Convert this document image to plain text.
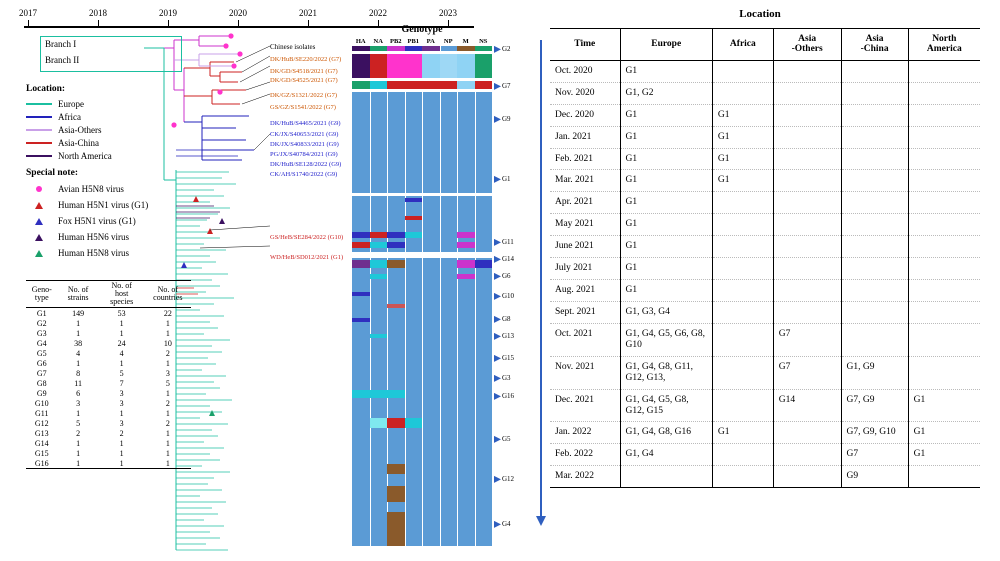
2017	2018	2019	2020	2021	2022	2023
Branch I
Branch II
Location:
Europe
Africa
Asia-Others
Asia-China
North America
Special note:
Avian H5N8 virus
Human H5N1 virus (G1)
Fox H5N1 virus (G1)
Human H5N6 virus
Human H5N8 virus
Geno-
type	No. of
strains	No. of
host
species	No. of
countries
G1	149	53	22
G2	1	1	1
G3	1	1	1
G4	38	24	10
G5	4	4	2
G6	1	1	1
G7	8	5	3
G8	11	7	5
G9	6	3	1
G10	3	3	2
G11	1	1	1
G12	5	3	2
G13	2	2	1
G14	1	1	1
G15	1	1	1
G16	1	1	1
Chinese isolates
DK/HuB/SE220/2022 (G7)
DK/GD/S4518/2021 (G7)
DK/GD/S4525/2021 (G7)
DK/GZ/S1321/2022 (G7)
GS/GZ/S1541/2022 (G7)
DK/HuB/S4465/2021 (G9)
CK/JX/S40653/2021 (G9)
DK/JX/S40833/2021 (G9)
PG/JX/S40784/2021 (G9)
DK/HuB/SE128/2022 (G9)
CK/AH/S1740/2022 (G9)
GS/HeB/SE284/2022 (G10)
WD/HeB/SD012/2021 (G1)
Genotype
HA	NA	PB2 PB1	PA	NP	M	NS
G2
G7
G9
G1
G11
G14
G6
G10
G8
G13
G15
G3
G16
G5
G12
G4
Location
Time	Europe	Africa	Asia
-Others	Asia
-China	North
America
Oct. 2020	G1				
Nov. 2020	G1, G2				
Dec. 2020	G1	G1			
Jan. 2021	G1	G1			
Feb. 2021	G1	G1			
Mar. 2021	G1	G1			
Apr. 2021	G1				
May 2021	G1				
June 2021	G1				
July 2021	G1				
Aug. 2021	G1				
Sept. 2021	G1, G3, G4				
Oct. 2021	G1, G4, G5, G6, G8, G10		G7		
Nov. 2021	G1, G4, G8, G11, G12, G13,		G7	G1, G9	
Dec. 2021	G1, G4, G5, G8, G12, G15		G14	G7, G9	G1
Jan. 2022	G1, G4, G8, G16	G1		G7, G9, G10	G1
Feb. 2022	G1, G4			G7	G1
Mar. 2022				G9	
